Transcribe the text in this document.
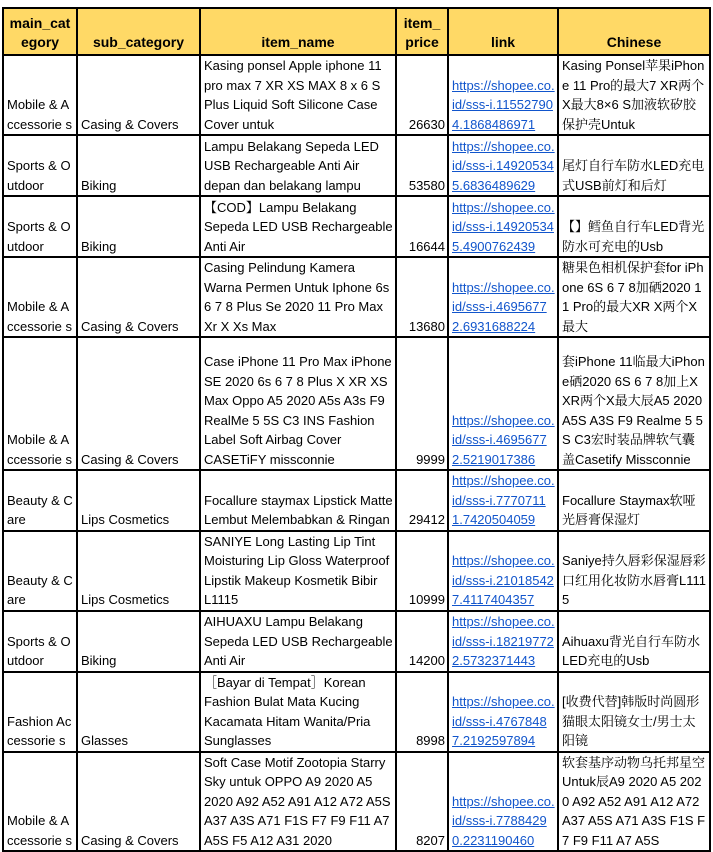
main_cat egory	sub_category	item_name	item_ price	link	Chinese
Mobile & Accessorie s	Casing & Covers	Kasing ponsel Apple iphone 11 pro max 7 XR XS MAX 8 x 6 S Plus Liquid Soft Silicone Case Cover untuk	26630	https://shopee.co.id/sss-i.115527904.1868486971	Kasing Ponsel苹果iPhone 11 Pro的最大7 XR两个X最大8×6 S加液软矽胶保护壳Untuk
Sports & Outdoor	Biking	Lampu Belakang Sepeda LED USB Rechargeable Anti Air depan dan belakang lampu	53580	https://shopee.co.id/sss-i.149205345.6836489629	尾灯自行车防水LED充电式USB前灯和后灯
Sports & Outdoor	Biking	【COD】Lampu Belakang Sepeda LED USB Rechargeable Anti Air	16644	https://shopee.co.id/sss-i.149205345.4900762439	【】鳕鱼自行车LED背光防水可充电的Usb
Mobile & Accessorie s	Casing & Covers	Casing Pelindung Kamera Warna Permen Untuk Iphone 6s 6 7 8 Plus Se 2020 11 Pro Max Xr X Xs Max	13680	https://shopee.co.id/sss-i.46956772.6931688224	糖果色相机保护套for iPhone 6S 6 7 8加硒2020 11 Pro的最大XR X两个X最大
Mobile & Accessorie s	Casing & Covers	Case iPhone 11 Pro Max iPhone SE 2020 6s 6 7 8 Plus X XR XS Max Oppo A5 2020 A5s A3s F9 RealMe 5 5S C3 INS Fashion Label Soft Airbag Cover CASETiFY missconnie	9999	https://shopee.co.id/sss-i.46956772.5219017386	套iPhone 11临最大iPhone硒2020 6S 6 7 8加上X XR两个X最大辰A5 2020 A5S A3S F9 Realme 5 5S C3宏时装品牌软气囊盖Casetify Missconnie
Beauty & Care	Lips Cosmetics	Focallure staymax Lipstick Matte Lembut Melembabkan & Ringan	29412	https://shopee.co.id/sss-i.77707111.7420504059	Focallure Staymax软哑光唇膏保湿灯
Beauty & Care	Lips Cosmetics	SANIYE Long Lasting Lip Tint Moisturing Lip Gloss Waterproof Lipstik Makeup Kosmetik Bibir L1115	10999	https://shopee.co.id/sss-i.210185427.4117404357	Saniye持久唇彩保湿唇彩口红用化妆防水唇膏L1115
Sports & Outdoor	Biking	AIHUAXU Lampu Belakang Sepeda LED USB Rechargeable Anti Air	14200	https://shopee.co.id/sss-i.182197722.5732371443	Aihuaxu背光自行车防水LED充电的Usb
Fashion Accessorie s	Glasses	［Bayar di Tempat］Korean Fashion Bulat Mata Kucing Kacamata Hitam Wanita/Pria Sunglasses	8998	https://shopee.co.id/sss-i.47678487.2192597894	[收费代替]韩版时尚圆形猫眼太阳镜女士/男士太阳镜
Mobile & Accessorie s	Casing & Covers	Soft Case Motif Zootopia Starry Sky untuk OPPO A9 2020 A5 2020 A92 A52 A91 A12 A72 A5S A37 A3S A71 F1S F7 F9 F11 A7 A5S F5 A12 A31 2020	8207	https://shopee.co.id/sss-i.77884290.2231190460	软套基序动物乌托邦星空Untuk辰A9 2020 A5 2020 A92 A52 A91 A12 A72 A37 A5S A71 A3S F1S F7 F9 F11 A7 A5S
